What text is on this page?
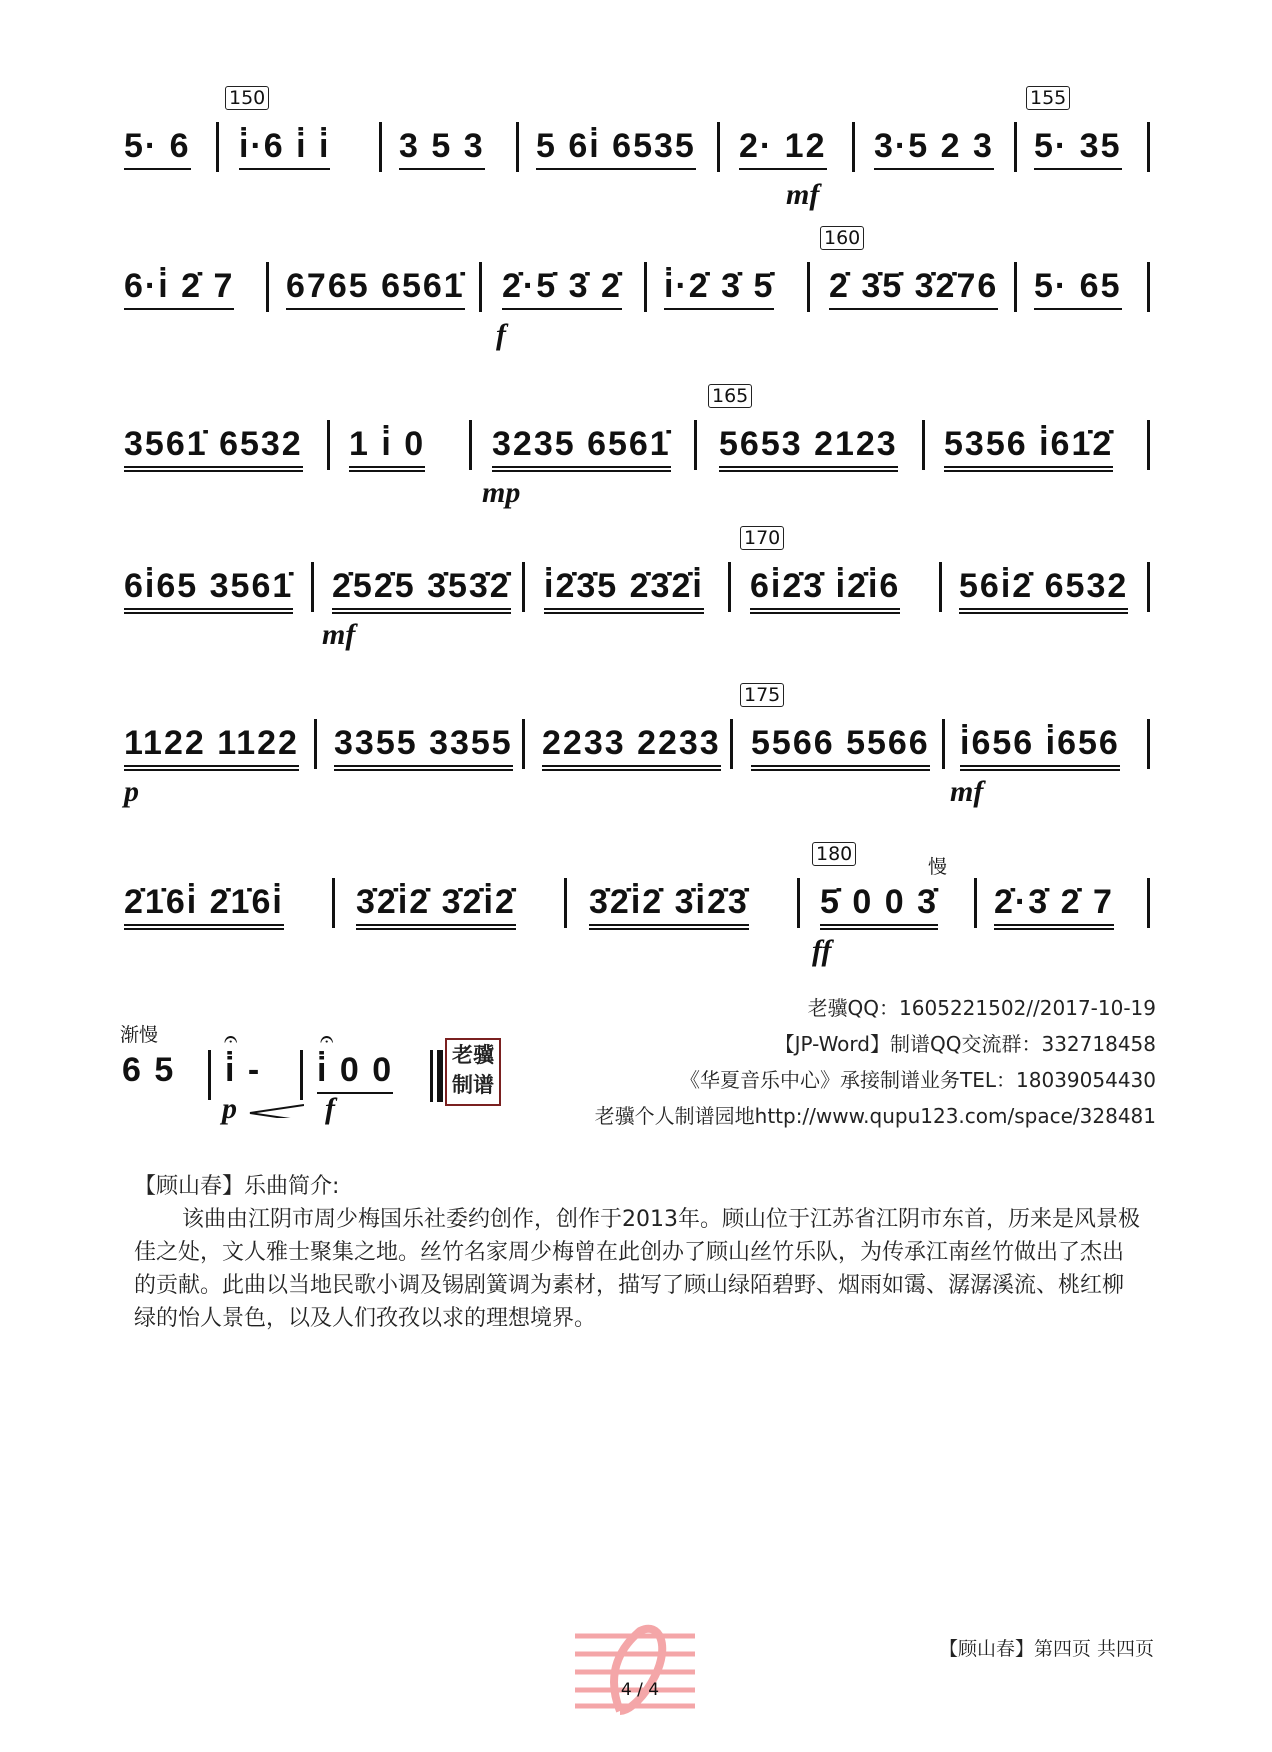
150	155
5· 6 i̇·6 i̇ i̇ 3 5 3 5 6i̇ 6535 2· 12 3·5 2 3 5· 35
mf
160
6·i̇ 2̇ 7 6765 6561̇ 2̇·5̇ 3̇ 2̇ i̇·2̇ 3̇ 5̇ 2̇ 3̇5̇ 3̇2̇76 5· 65
f
165
3561̇ 6532 1 i̇ 0 3235 6561̇ 5653 2123 5356 i̇61̇2̇
mp
170
6i̇65 3561̇ 2̇52̇5 3̇53̇2̇ i̇2̇3̇5 2̇3̇2̇i̇ 6i̇2̇3̇ i̇2̇i̇6 56i̇2̇ 6532
mf
175
1122 1122 3355 3355 2233 2233 5566 5566 i̇656 i̇656
p	mf
180
慢
2̇1̇6i̇ 2̇1̇6i̇ 3̇2̇i̇2̇ 3̇2̇i̇2̇ 3̇2̇i̇2̇ 3̇i̇2̇3̇ 5̇ 0 0 3̇ 2̇·3̇ 2̇ 7
ff
渐慢
6 5 i̇ -
𝄐	𝄐
i̇ 0 0
p	f
老骥
制谱
老骥QQ：1605221502//2017-10-19
【JP-Word】制谱QQ交流群：332718458
《华夏音乐中心》承接制谱业务TEL：18039054430
老骥个人制谱园地http://www.qupu123.com/space/328481

【顾山春】乐曲简介:

该曲由江阴市周少梅国乐社委约创作，创作于2013年。顾山位于江苏省江阴市东首，历来是风景极佳之处，文人雅士聚集之地。丝竹名家周少梅曾在此创办了顾山丝竹乐队，为传承江南丝竹做出了杰出的贡献。此曲以当地民歌小调及锡剧簧调为素材，描写了顾山绿陌碧野、烟雨如霭、潺潺溪流、桃红柳绿的怡人景色，以及人们孜孜以求的理想境界。

4 / 4
【顾山春】第四页 共四页
